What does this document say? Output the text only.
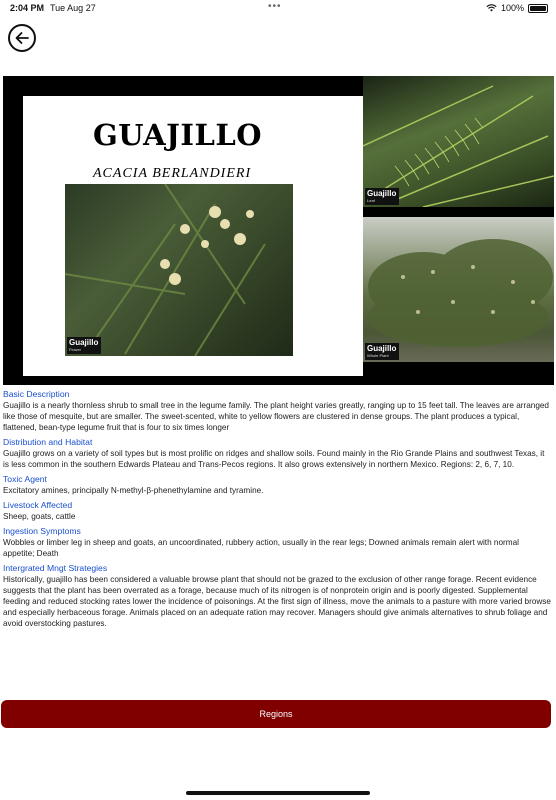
2:04 PM Tue Aug 27	•••	100%
GUAJILLO
ACACIA BERLANDIERI
Guajillo
Flower
Guajillo
Leaf
Guajillo
Whole Plant
Basic Description
Guajillo is a nearly thornless shrub to small tree in the legume family. The plant height varies greatly, ranging up to 15 feet tall. The leaves are arranged like those of mesquite, but are smaller. The sweet-scented, white to yellow flowers are clustered in dense groups. The plant produces a typical, flattened, bean-type legume fruit that is four to six times longer
Distribution and Habitat
Guajillo grows on a variety of soil types but is most prolific on ridges and shallow soils. Found mainly in the Rio Grande Plains and southwest Texas, it is less common in the southern Edwards Plateau and Trans-Pecos regions. It also grows extensively in northern Mexico. Regions: 2, 6, 7, 10.
Toxic Agent
Excitatory amines, principally N-methyl-β-phenethylamine and tyramine.
Livestock Affected
Sheep, goats, cattle
Ingestion Symptoms
Wobbles or limber leg in sheep and goats, an uncoordinated, rubbery action, usually in the rear legs; Downed animals remain alert with normal appetite; Death
Intergrated Mngt Strategies
Historically, guajillo has been considered a valuable browse plant that should not be grazed to the exclusion of other range forage. Recent evidence suggests that the plant has been overrated as a forage, because much of its nitrogen is of nonprotein origin and is poorly digested. Supplemental feeding and reduced stocking rates lower the incidence of poisonings. At the first sign of illness, move the animals to a pasture with more varied browse and especially herbaceous forage. Animals placed on an adequate ration may recover. Managers should give animals alternatives to shrub foliage and avoid overstocking pastures.
Regions
